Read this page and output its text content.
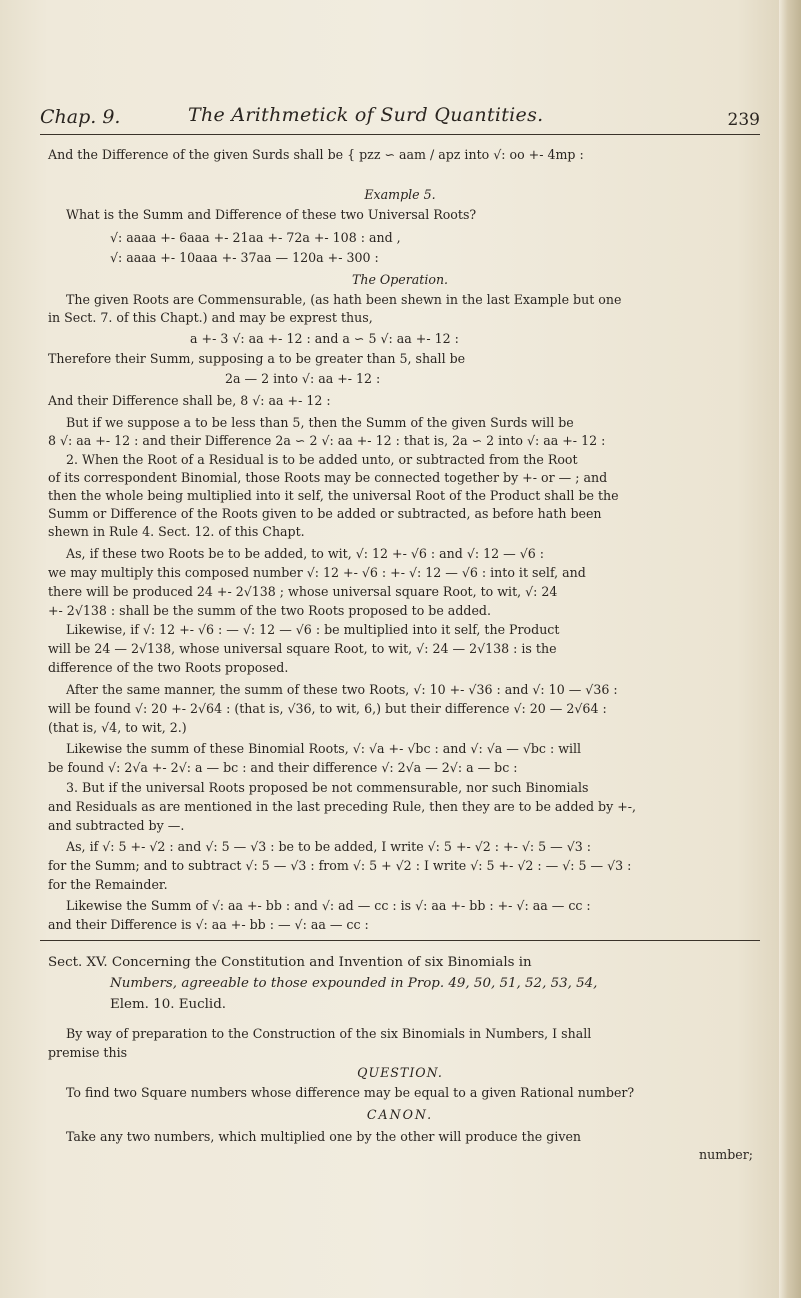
Chap. 9.	The Arithmetick of Surd Quantities.	239
And the Difference of the given Surds shall be { pzz ∽ aam / apz into √: oo +- 4mp :
Example 5.
What is the Summ and Difference of these two Universal Roots?
√: aaaa +- 6aaa +- 21aa +- 72a +- 108 : and ,
√: aaaa +- 10aaa +- 37aa — 120a +- 300 :
The Operation.
The given Roots are Commensurable, (as hath been shewn in the last Example but one
in Sect. 7. of this Chapt.) and may be exprest thus,
a +- 3 √: aa +- 12 : and a ∽ 5 √: aa +- 12 :
Therefore their Summ, supposing a to be greater than 5, shall be
2a — 2 into √: aa +- 12 :
And their Difference shall be, 8 √: aa +- 12 :
But if we suppose a to be less than 5, then the Summ of the given Surds will be
8 √: aa +- 12 : and their Difference 2a ∽ 2 √: aa +- 12 : that is, 2a ∽ 2 into √: aa +- 12 :
2. When the Root of a Residual is to be added unto, or subtracted from the Root
of its correspondent Binomial, those Roots may be connected together by +- or — ; and
then the whole being multiplied into it self, the universal Root of the Product shall be the
Summ or Difference of the Roots given to be added or subtracted, as before hath been
shewn in Rule 4. Sect. 12. of this Chapt.
As, if these two Roots be to be added, to wit, √: 12 +- √6 : and √: 12 — √6 :
we may multiply this composed number √: 12 +- √6 : +- √: 12 — √6 : into it self, and
there will be produced 24 +- 2√138 ; whose universal square Root, to wit, √: 24
+- 2√138 : shall be the summ of the two Roots proposed to be added.
Likewise, if √: 12 +- √6 : — √: 12 — √6 : be multiplied into it self, the Product
will be 24 — 2√138, whose universal square Root, to wit, √: 24 — 2√138 : is the
difference of the two Roots proposed.
After the same manner, the summ of these two Roots, √: 10 +- √36 : and √: 10 — √36 :
will be found √: 20 +- 2√64 : (that is, √36, to wit, 6,) but their difference √: 20 — 2√64 :
(that is, √4, to wit, 2.)
Likewise the summ of these Binomial Roots, √: √a +- √bc : and √: √a — √bc : will
be found √: 2√a +- 2√: a — bc : and their difference √: 2√a — 2√: a — bc :
3. But if the universal Roots proposed be not commensurable, nor such Binomials
and Residuals as are mentioned in the last preceding Rule, then they are to be added by +-,
and subtracted by —.
As, if √: 5 +- √2 : and √: 5 — √3 : be to be added, I write √: 5 +- √2 : +- √: 5 — √3 :
for the Summ; and to subtract √: 5 — √3 : from √: 5 + √2 : I write √: 5 +- √2 : — √: 5 — √3 :
for the Remainder.
Likewise the Summ of √: aa +- bb : and √: ad — cc : is √: aa +- bb : +- √: aa — cc :
and their Difference is √: aa +- bb : — √: aa — cc :
Sect. XV. Concerning the Constitution and Invention of six Binomials in
Numbers, agreeable to those expounded in Prop. 49, 50, 51, 52, 53, 54,
Elem. 10. Euclid.
By way of preparation to the Construction of the six Binomials in Numbers, I shall
premise this
QUESTION.
To find two Square numbers whose difference may be equal to a given Rational number?
CANON.
Take any two numbers, which multiplied one by the other will produce the given
number;
